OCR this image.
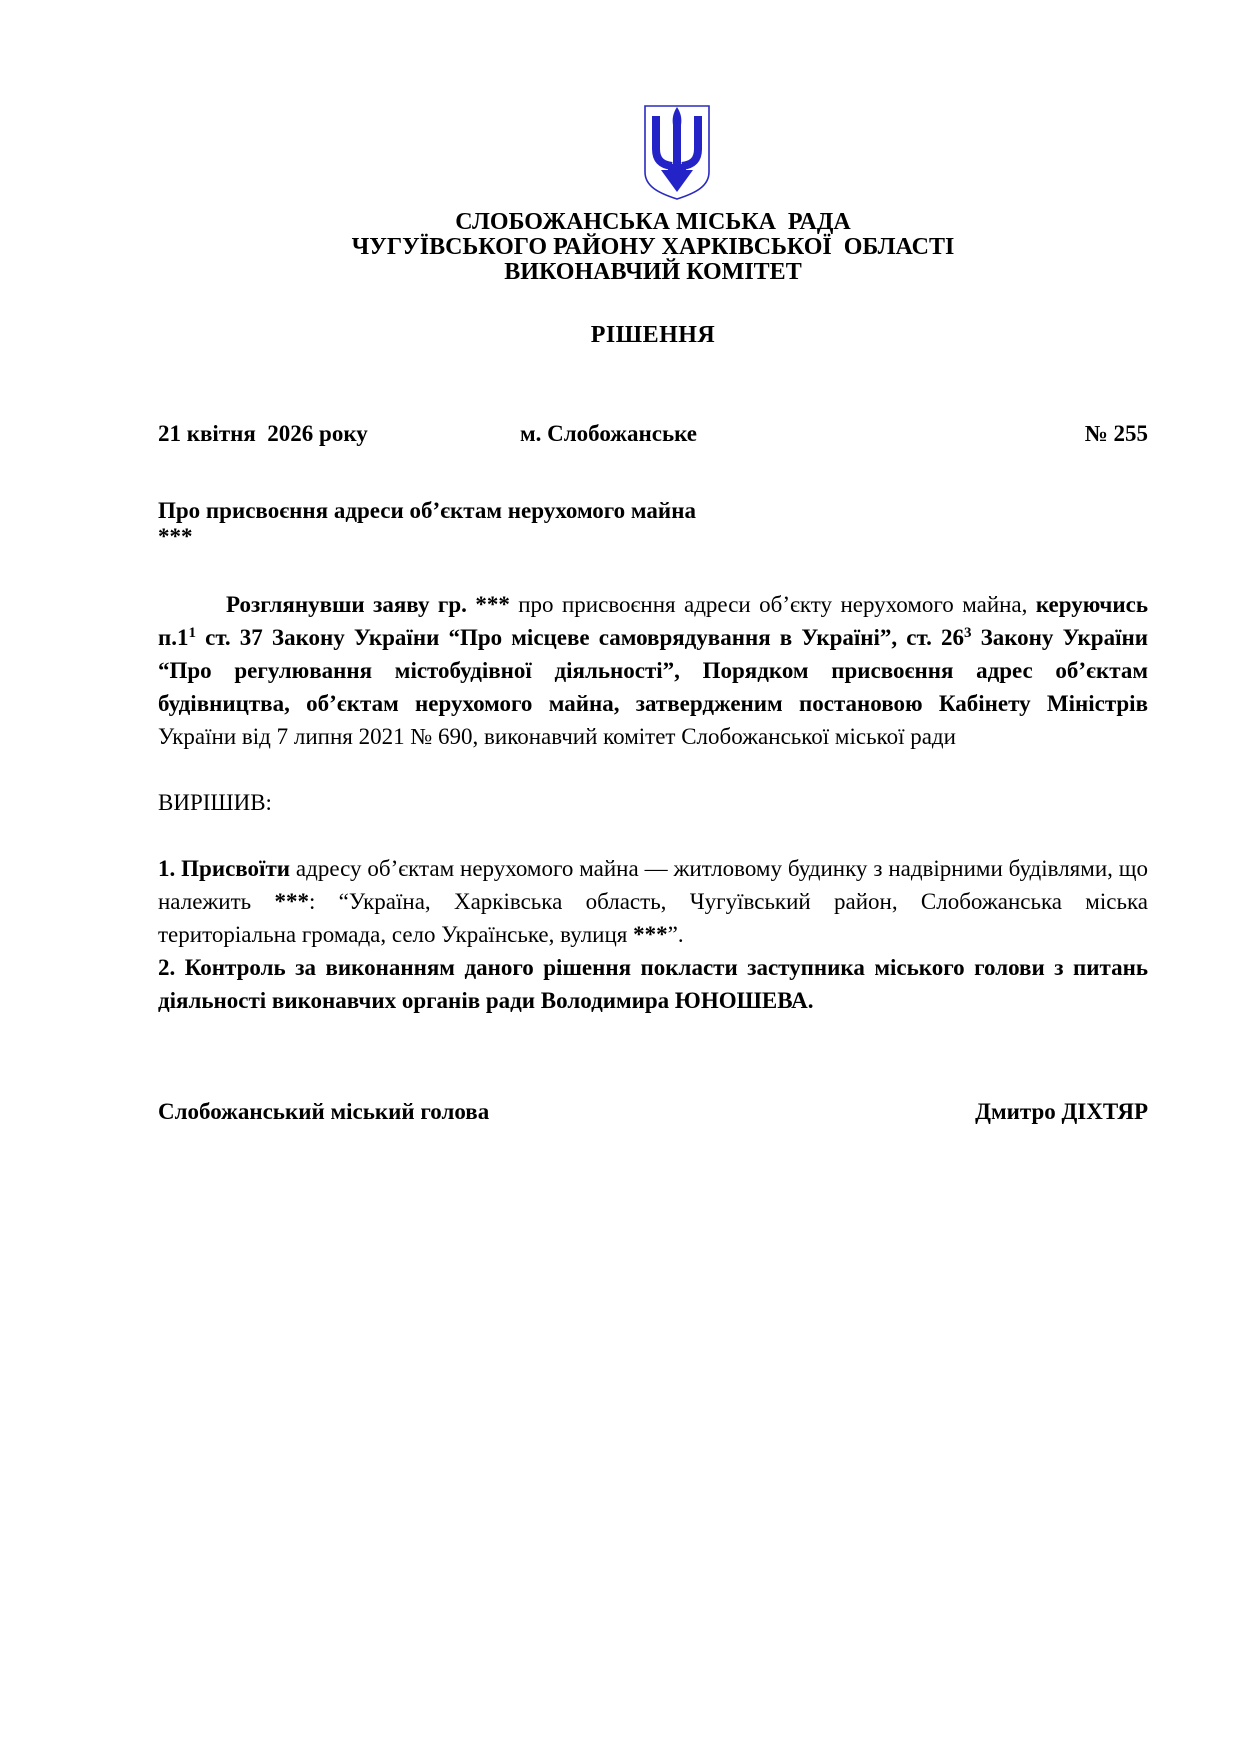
СЛОБОЖАНСЬКА МІСЬКА  РАДА
ЧУГУЇВСЬКОГО РАЙОНУ ХАРКІВСЬКОЇ  ОБЛАСТІ
ВИКОНАВЧИЙ КОМІТЕТ
РІШЕННЯ
21 квітня  2026 року	м. Слобожанське	№ 255
Про присвоєння адреси об’єктам нерухомого майна
***

Розглянувши заяву гр. *** про присвоєння адреси об’єкту нерухомого майна, керуючись $п.1^1$ ст. 37 Закону України “Про місцеве самоврядування в Україні”, ст. $26^3$ Закону України “Про регулювання містобудівної діяльності”, Порядком присвоєння адрес об’єктам будівництва, об’єктам нерухомого майна, затвердженим постановою Кабінету Міністрів України від 7 липня 2021 № 690, виконавчий комітет Слобожанської міської ради

ВИРІШИВ:

1. Присвоїти адресу об’єктам нерухомого майна — житловому будинку з надвірними будівлями, що належить ***: “Україна, Харківська область, Чугуївський район, Слобожанська міська територіальна громада, село Українське, вулиця ***”.

2. Контроль за виконанням даного рішення покласти заступника міського голови з питань діяльності виконавчих органів ради Володимира ЮНОШЕВА.

Слобожанський міський голова	Дмитро ДІХТЯР
